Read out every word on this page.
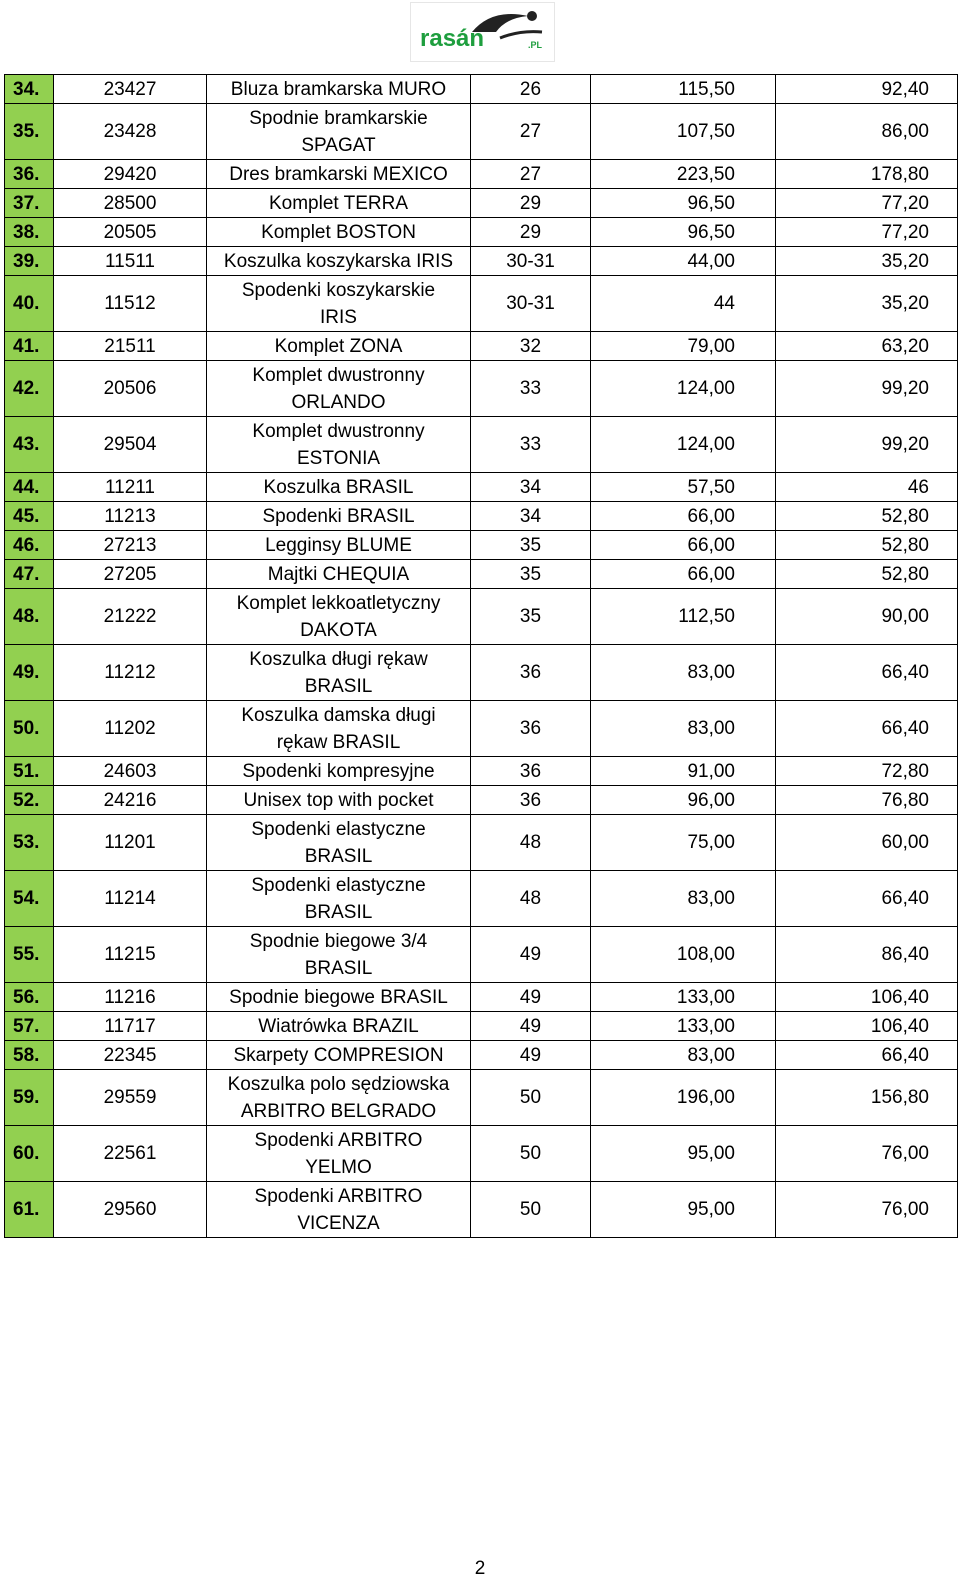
rasán	.PL
34.	23427	Bluza bramkarska MURO	26	115,50	92,40
35.	23428	Spodnie bramkarskie
SPAGAT	27	107,50	86,00
36.	29420	Dres bramkarski MEXICO	27	223,50	178,80
37.	28500	Komplet TERRA	29	96,50	77,20
38.	20505	Komplet BOSTON	29	96,50	77,20
39.	11511	Koszulka koszykarska IRIS	30-31	44,00	35,20
40.	11512	Spodenki koszykarskie
IRIS	30-31	44	35,20
41.	21511	Komplet ZONA	32	79,00	63,20
42.	20506	Komplet dwustronny
ORLANDO	33	124,00	99,20
43.	29504	Komplet dwustronny
ESTONIA	33	124,00	99,20
44.	11211	Koszulka BRASIL	34	57,50	46
45.	11213	Spodenki BRASIL	34	66,00	52,80
46.	27213	Legginsy BLUME	35	66,00	52,80
47.	27205	Majtki CHEQUIA	35	66,00	52,80
48.	21222	Komplet lekkoatletyczny
DAKOTA	35	112,50	90,00
49.	11212	Koszulka długi rękaw
BRASIL	36	83,00	66,40
50.	11202	Koszulka damska długi
rękaw BRASIL	36	83,00	66,40
51.	24603	Spodenki kompresyjne	36	91,00	72,80
52.	24216	Unisex top with pocket	36	96,00	76,80
53.	11201	Spodenki elastyczne
BRASIL	48	75,00	60,00
54.	11214	Spodenki elastyczne
BRASIL	48	83,00	66,40
55.	11215	Spodnie biegowe 3/4
BRASIL	49	108,00	86,40
56.	11216	Spodnie biegowe BRASIL	49	133,00	106,40
57.	11717	Wiatrówka BRAZIL	49	133,00	106,40
58.	22345	Skarpety COMPRESION	49	83,00	66,40
59.	29559	Koszulka polo sędziowska
ARBITRO BELGRADO	50	196,00	156,80
60.	22561	Spodenki ARBITRO
YELMO	50	95,00	76,00
61.	29560	Spodenki ARBITRO
VICENZA	50	95,00	76,00
2
